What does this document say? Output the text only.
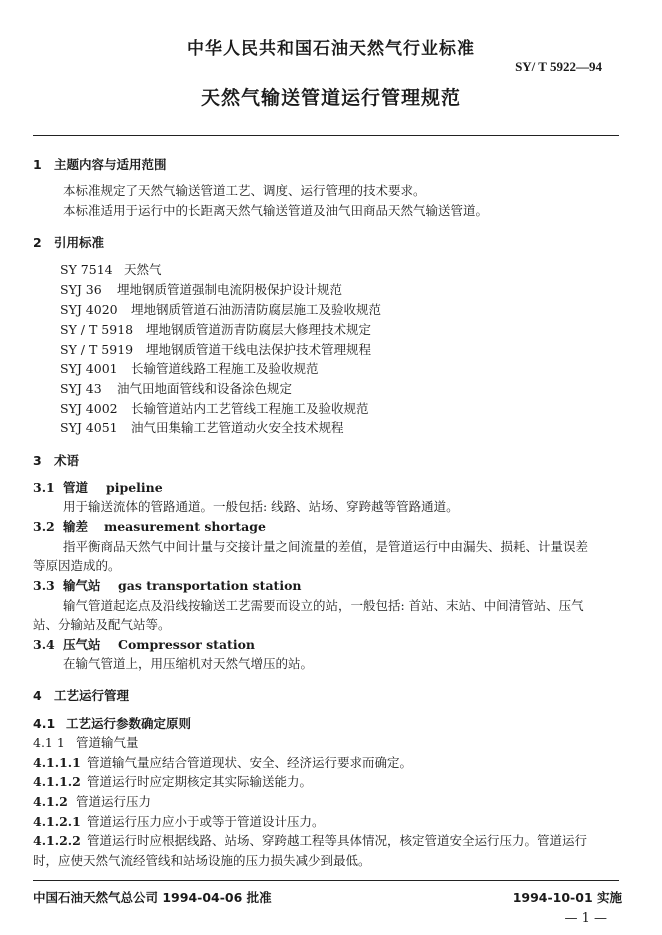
中华人民共和国石油天然气行业标准
SY/ T 5922—94
天然气输送管道运行管理规范
1 主题内容与适用范围
本标准规定了天然气输送管道工艺、调度、运行管理的技术要求。
本标准适用于运行中的长距离天然气输送管道及油气田商品天然气输送管道。
2 引用标准
SY 7514 天然气
SYJ 36 埋地钢质管道强制电流阴极保护设计规范
SYJ 4020 埋地钢质管道石油沥清防腐层施工及验收规范
SY / T 5918 埋地钢质管道沥青防腐层大修理技术规定
SY / T 5919 埋地钢质管道干线电法保护技术管理规程
SYJ 4001 长输管道线路工程施工及验收规范
SYJ 43 油气田地面管线和设备涂色规定
SYJ 4002 长输管道站内工艺管线工程施工及验收规范
SYJ 4051 油气田集输工艺管道动火安全技术规程
3 术语
3.1 管道 pipeline
用于输送流体的管路通道。一般包括: 线路、站场、穿跨越等管路通道。
3.2 输差 measurement shortage
指平衡商品天然气中间计量与交接计量之间流量的差值，是管道运行中由漏失、损耗、计量误差
等原因造成的。
3.3 输气站 gas transportation station
输气管道起迄点及沿线按输送工艺需要而设立的站，一般包括: 首站、末站、中间清管站、压气
站、分输站及配气站等。
3.4 压气站 Compressor station
在输气管道上，用压缩机对天然气增压的站。
4 工艺运行管理
4.1 工艺运行参数确定原则
4.1 1 管道输气量
4.1.1.1 管道输气量应结合管道现状、安全、经济运行要求而确定。
4.1.1.2 管道运行时应定期核定其实际输送能力。
4.1.2 管道运行压力
4.1.2.1 管道运行压力应小于或等于管道设计压力。
4.1.2.2 管道运行时应根据线路、站场、穿跨越工程等具体情况，核定管道安全运行压力。管道运行
时，应使天然气流经管线和站场设施的压力损失减少到最低。
中国石油天然气总公司 1994-04-06 批准	1994-10-01 实施
— 1 —
